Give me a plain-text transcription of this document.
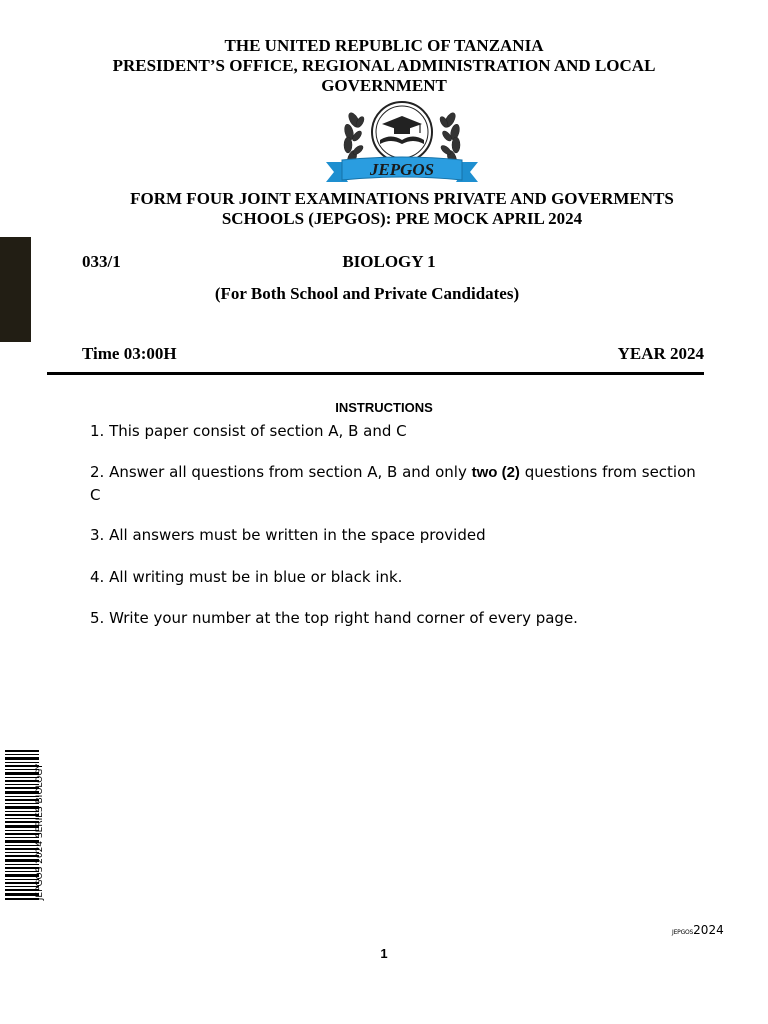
THE UNITED REPUBLIC OF TANZANIA
PRESIDENT’S OFFICE, REGIONAL ADMINISTRATION AND LOCAL
GOVERNMENT
JEPGOS
FORM FOUR JOINT EXAMINATIONS PRIVATE AND GOVERMENTS
SCHOOLS (JEPGOS): PRE MOCK APRIL 2024
033/1	BIOLOGY 1
(For Both School and Private Candidates)
Time 03:00H	YEAR 2024
INSTRUCTIONS
1. This paper consist of section A, B and C
2. Answer all questions from section A, B and only two (2) questions from section C
3. All answers must be written in the space provided
4. All writing must be in blue or black ink.
5. Write your number at the top right hand corner of every page.
JEPGOS 2024 SERIES BIOLOGY
JEPGOS2024
1
